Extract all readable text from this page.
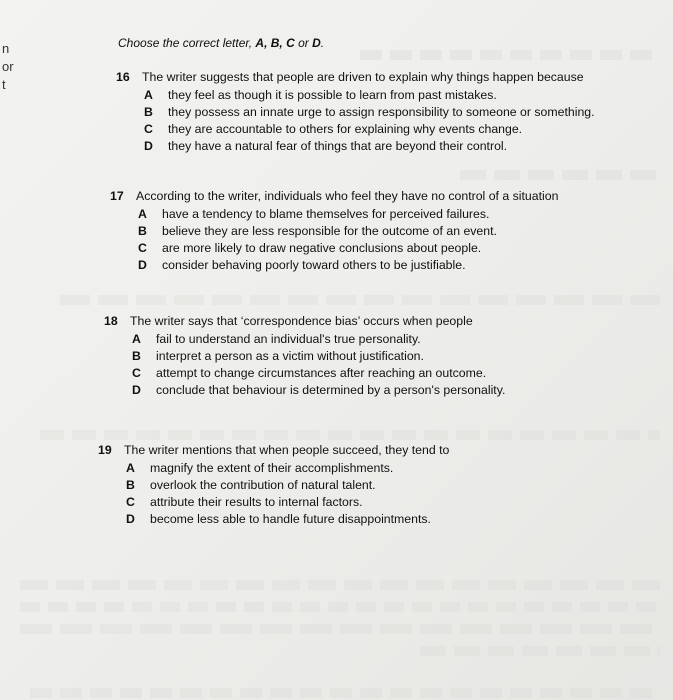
n
or
t
Choose the correct letter, A, B, C or D.
16	The writer suggests that people are driven to explain why things happen because
A	they feel as though it is possible to learn from past mistakes.
B	they possess an innate urge to assign responsibility to someone or something.
C	they are accountable to others for explaining why events change.
D	they have a natural fear of things that are beyond their control.
17	According to the writer, individuals who feel they have no control of a situation
A	have a tendency to blame themselves for perceived failures.
B	believe they are less responsible for the outcome of an event.
C	are more likely to draw negative conclusions about people.
D	consider behaving poorly toward others to be justifiable.
18	The writer says that ‘correspondence bias’ occurs when people
A	fail to understand an individual's true personality.
B	interpret a person as a victim without justification.
C	attempt to change circumstances after reaching an outcome.
D	conclude that behaviour is determined by a person's personality.
19	The writer mentions that when people succeed, they tend to
A	magnify the extent of their accomplishments.
B	overlook the contribution of natural talent.
C	attribute their results to internal factors.
D	become less able to handle future disappointments.
